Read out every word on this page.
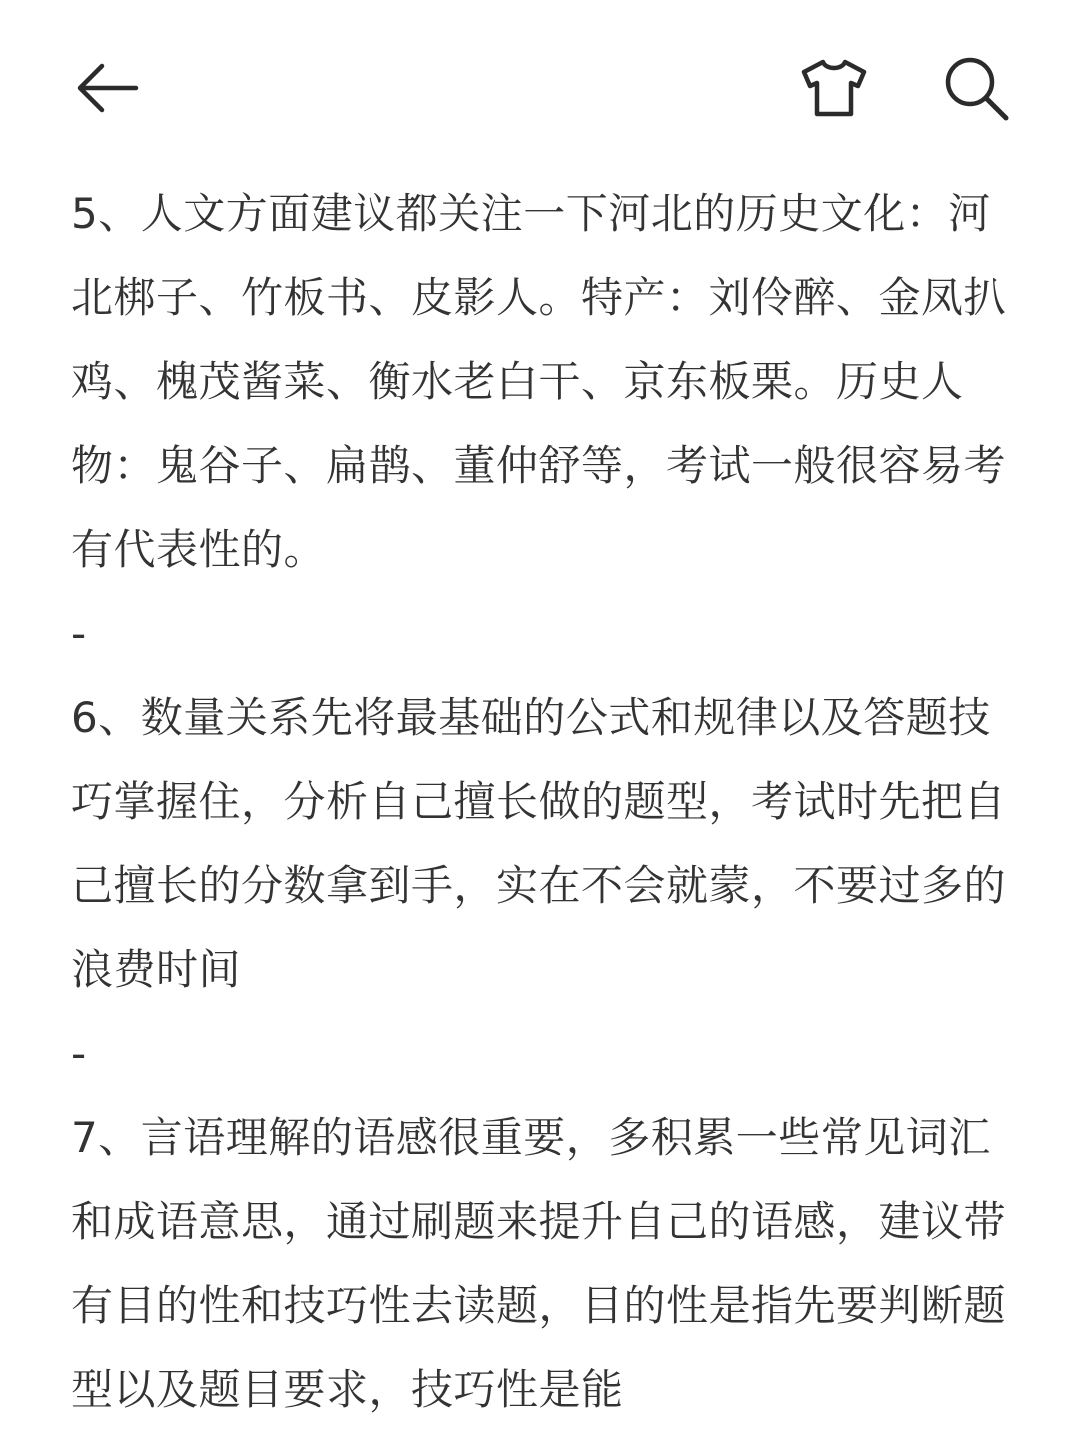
5、人文方面建议都关注一下河北的历史文化：河北梆子、竹板书、皮影人。特产：刘伶醉、金凤扒鸡、槐茂酱菜、衡水老白干、京东板栗。历史人物：鬼谷子、扁鹊、董仲舒等，考试一般很容易考有代表性的。

-

6、数量关系先将最基础的公式和规律以及答题技巧掌握住，分析自己擅长做的题型，考试时先把自己擅长的分数拿到手，实在不会就蒙，不要过多的浪费时间

-

7、言语理解的语感很重要，多积累一些常见词汇和成语意思，通过刷题来提升自己的语感，建议带有目的性和技巧性去读题，目的性是指先要判断题型以及题目要求，技巧性是能
